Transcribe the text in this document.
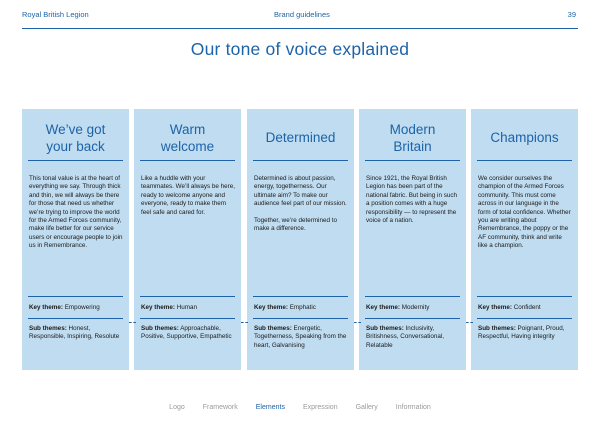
Royal British Legion	Brand guidelines	39
Our tone of voice explained
We’ve got
your back
This tonal value is at the heart of everything we say. Through thick and thin, we will always be there for those that need us whether we’re trying to improve the world for the Armed Forces community, make life better for our service users or encourage people to join us in Remembrance.
Key theme: Empowering
Sub themes: Honest, Responsible, Inspiring, Resolute
Warm
welcome
Like a huddle with your teammates. We’ll always be here, ready to welcome anyone and everyone, ready to make them feel safe and cared for.
Key theme: Human
Sub themes: Approachable, Positive, Supportive, Empathetic
Determined
Determined is about passion, energy, togetherness. Our ultimate aim? To make our audience feel part of our mission.

Together, we’re determined to make a difference.
Key theme: Emphatic
Sub themes: Energetic, Togetherness, Speaking from the heart, Galvanising
Modern
Britain
Since 1921, the Royal British Legion has been part of the national fabric. But being in such a position comes with a huge responsibility — to represent the voice of a nation.
Key theme: Modernity
Sub themes: Inclusivity, Britishness, Conversational, Relatable
Champions
We consider ourselves the champion of the Armed Forces community. This must come across in our language in the form of total confidence. Whether you are writing about Remembrance, the poppy or the AF community, think and write like a champion.
Key theme: Confident
Sub themes: Poignant, Proud, Respectful, Having integrity
Logo	Framework	Elements	Expression	Gallery	Information
